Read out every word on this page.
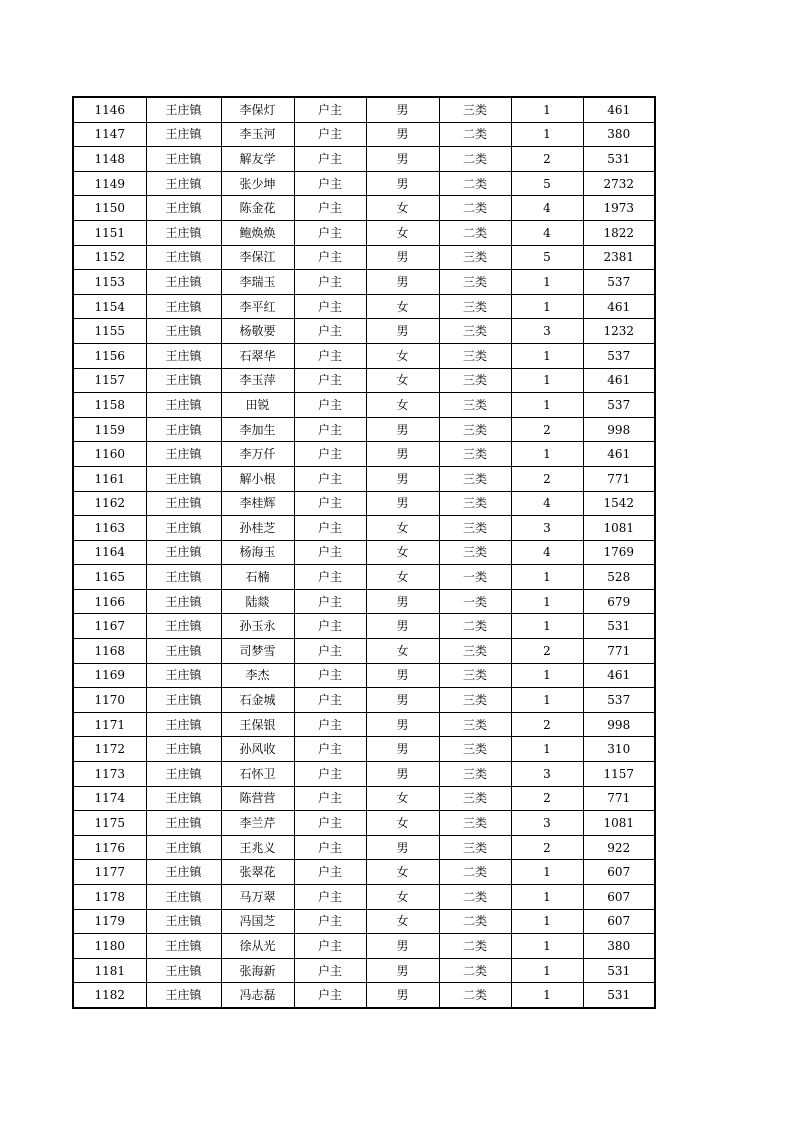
1146	王庄镇	李保灯	户主	男	三类	1	461
1147	王庄镇	李玉河	户主	男	二类	1	380
1148	王庄镇	解友学	户主	男	二类	2	531
1149	王庄镇	张少坤	户主	男	二类	5	2732
1150	王庄镇	陈金花	户主	女	二类	4	1973
1151	王庄镇	鲍焕焕	户主	女	二类	4	1822
1152	王庄镇	李保江	户主	男	三类	5	2381
1153	王庄镇	李瑞玉	户主	男	三类	1	537
1154	王庄镇	李平红	户主	女	三类	1	461
1155	王庄镇	杨敬要	户主	男	三类	3	1232
1156	王庄镇	石翠华	户主	女	三类	1	537
1157	王庄镇	李玉萍	户主	女	三类	1	461
1158	王庄镇	田锐	户主	女	三类	1	537
1159	王庄镇	李加生	户主	男	三类	2	998
1160	王庄镇	李万仟	户主	男	三类	1	461
1161	王庄镇	解小根	户主	男	三类	2	771
1162	王庄镇	李桂辉	户主	男	三类	4	1542
1163	王庄镇	孙桂芝	户主	女	三类	3	1081
1164	王庄镇	杨海玉	户主	女	三类	4	1769
1165	王庄镇	石楠	户主	女	一类	1	528
1166	王庄镇	陆燚	户主	男	一类	1	679
1167	王庄镇	孙玉永	户主	男	二类	1	531
1168	王庄镇	司梦雪	户主	女	三类	2	771
1169	王庄镇	李杰	户主	男	三类	1	461
1170	王庄镇	石金城	户主	男	三类	1	537
1171	王庄镇	王保银	户主	男	三类	2	998
1172	王庄镇	孙风收	户主	男	三类	1	310
1173	王庄镇	石怀卫	户主	男	三类	3	1157
1174	王庄镇	陈营营	户主	女	三类	2	771
1175	王庄镇	李兰芹	户主	女	三类	3	1081
1176	王庄镇	王兆义	户主	男	三类	2	922
1177	王庄镇	张翠花	户主	女	二类	1	607
1178	王庄镇	马万翠	户主	女	二类	1	607
1179	王庄镇	冯国芝	户主	女	二类	1	607
1180	王庄镇	徐从光	户主	男	二类	1	380
1181	王庄镇	张海新	户主	男	二类	1	531
1182	王庄镇	冯志磊	户主	男	二类	1	531
